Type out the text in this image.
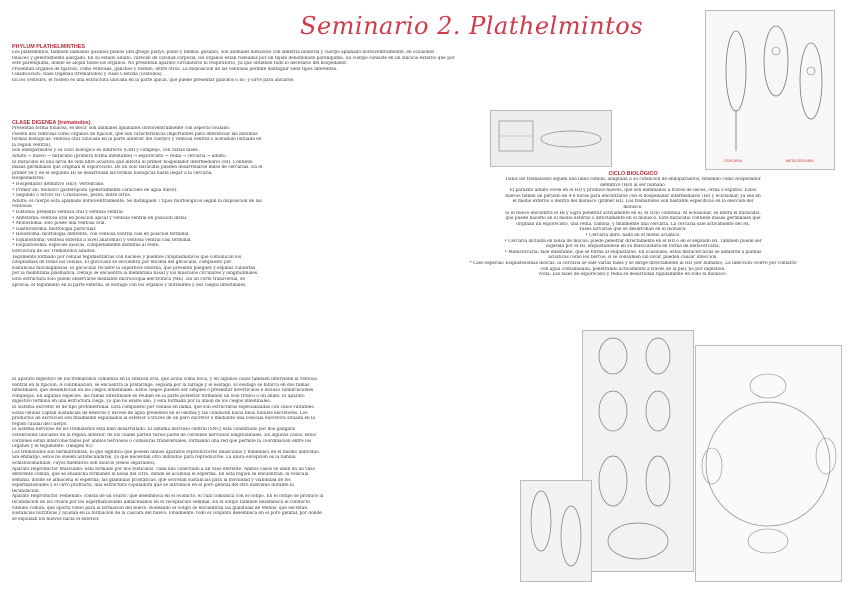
Seminario 2. Plathelmintos
PHYLUM PLATHELMINTHES
Los platelmintos, también llamados gusanos planos (del griego platys: plano y helmis: gusano), son animales metazoos con simetría bilateral y cuerpo aplanado dorsoventralmente, en ocasiones
foliáceo y generalmente alargado. En su estado adulto, carecen de cavidad corporal; los órganos están rodeados por un tejido denominado parénquima. Su cuerpo consiste en un sincicio externo que por
este parénquima, donde se alojan todos los órganos. No presentan aparato circulatorio ni respiratorio, ya que obtienen todo lo necesario del hospedador.
Presentan órganos de fijación, como ventosas, ganchos y rostelo, entre otros. La disposición de las ventosas permite distinguir siete tipos diferentes.
Clasificación: clase Digenea (trematodos) y clase Cestoda (cestodos).
En los cestodos, el rostelo es una estructura ubicada en la parte apical, que puede presentar ganchos o no, y sirve para anclarse.
CLASE DIGENEA (trematodos)
Presentan forma foliácea, es decir, son animales aplanados dorsoventralmente con aspecto ovalado.
Poseen dos ventosas como órganos de fijación, que son características importantes para diferenciar las distintas
formas biológicas: ventosa oral (ubicada en la parte anterior del cuerpo) y ventosa ventral o acetábulo (situada en
la región ventral).
Son endoparásitos y su ciclo biológico es indirecto (CBI) y complejo, con varias fases:
Adulto → huevo → miracidio (primera forma infestante) → esporocisto → redia → cercaria → adulto.
El miracidio es una larva de vida libre acuática que infecta al primer hospedador intermediario (HI). Contiene
masas germinales que originan el esporocisto. De un solo miracidio pueden desarrollarse miles de cercarias. En el
primer HI y en el segundo HI se desarrollan las formas biológicas hasta llegar a la cercaria.
Hospedadores:
• Hospedador definitivo (HD): Vertebrado.
• Primer HI: Molusco gasterópodo (generalmente caracoles de agua dulce).
• Segundo o tercer HI: Crustáceos, peces, entre otros.
Adulto: el cuerpo está aplanado dorsoventralmente. Se distinguen 7 tipos morfológicos según la disposición de las
ventosas:
• Distoma: presenta ventosa oral y ventosa ventral.
• Anfistoma: ventosa oral en posición apical y ventosa ventral en posición distal.
• Monostoma: solo posee una ventosa oral.
• Gasterostoma: morfología particular.
• Holostoma: morfología diferente, con ventosa ventral casi en posición terminal.
• Equinostoma: ventosa externa a nivel anatómico y ventosa ventral casi terminal.
• Esquistosoma: especies dioicas, completamente distintas al resto.
Estructura de los Trematodos adultos:
Tegumento formado por células tegumentarias con núcleos y puentes citoplasmáticos que comunican los
citoplasmas de todas las células. El glicocáliz se encuentra por encima del glicocáliz, compuesto por
sustancias mucilaginosas. El glicocáliz recubre la superficie externa, que presenta pliegues y espinas cubiertas
por la membrana plasmática. Debajo se encuentra la membrana basal y los músculos circulares y longitudinales.
Esta estructura solo puede observarse mediante microscopía electrónica (ME). En un corte transversal, se
aprecia: el tegumento en la parte externa, el esófago con los órganos y nutrientes y dos ciegos intestinales.
CICLO BIOLÓGICO
Todos los trematodos siguen una línea común, adaptada a su condición de endoparásitos, teniendo como hospedador
definitivo (HD) al ser humano.
El parásito adulto viven en el HD y produce huevos, que son eliminados a través de heces, orina o esputos. Estos
huevos tienen un periodo de 4-8 horas para encontrarse con el hospedador intermediario (HI) y eclosionar, ya sea en
el medio externo o dentro del molusco (primer HI). Los trematodos son bastante específicos en la elección del
molusco.
Si el huevo encuentra el HI y logra penetrar activamente en él, el ciclo continúa. Al eclosionar, se libera el miracidio,
que puede hacerlo en el medio externo o directamente en el molusco. Este miracidio contiene masas germinales que
originan un esporocisto, una redia, cambia, y finalmente una cercaria. La cercaria sale activamente del HI.
Fases larvarias que se desarrollan en el molusco:
• Cercaria libre: nada en el medio acuático.
• Cercaria incluida en bolsa de mucus: puede penetrar directamente en el HD o en el segundo HI. También puede ser
ingerida por el HI, enquistándose en su musculatura en forma de metacercaria.
• Metacercaria: fase infestante, que se forma al enquistarse. En ocasiones, estas metacercarias se adhieren a plantas
acuáticas como los berros; si se consumen sin lavar, pueden causar infección.
* Caso especial: Esquistosomas dioicas, la cercaria se sale varias fases y se dirige directamente al HD (ser humano). La infección ocurre por contacto
con agua contaminada, penetrando activamente a través de la piel, no por ingestión.
Nota: Las fases de esporocisto y redia se desarrollan rápidamente en todo el molusco.
El aparato digestivo de los trematodos comienza en la ventosa oral, que actúa como boca, y en algunos casos también interviene la ventosa
ventral en la fijación. A continuación, se encuentra la prefaringe, seguida por la faringe y el esófago. El esófago se bifurca en dos ramas
intestinales, que desembocan en los ciegos intestinales. Estos ciegos pueden ser simples o presentar divertículos e incluso ramificaciones
complejas. En algunas especies, las ramas intestinales se reúnen en la parte posterior formando un solo tronco o un anillo. El aparato
digestivo termina en una estructura ciega, ya que no existe ano, y está formada por la unión de los ciegos intestinales.
El sistema excretor es de tipo protonefridial. Está compuesto por células en llama, que son estructuras especializadas con cilios vibrátiles.
Estas células captan sustancias de desecho y exceso de agua presentes en el celoma y las conducen hacia finos túbulos excretores. Los
productos de excreción son finalmente expulsados al exterior a través de un poro excretor o mediante una vesícula excretora situada en la
región caudal del cuerpo.
El sistema nervioso de los trematodos está bien desarrollado. El sistema nervioso central (SNC) está constituido por dos ganglios
cerebroides ubicados en la región anterior, de los cuales parten varios pares de cordones nerviosos longitudinales. En algunos casos, estos
cordones están interconectados por anillos nerviosos o comisuras transversales, formando una red que permite la coordinación entre los
órganos y el tegumento. (Imagen 85)
Los trematodos son hermafroditas, lo que significa que poseen ambos aparatos reproductores (masculino y femenino) en el mismo individuo.
Sin embargo, estos no suelen autofecundarse, ya que necesitan otro individuo para reproducirse. La única excepción es la familia
Schistosomatidae, cuyos miembros son dioicos (sexos separados).
Aparato Reproductor Masculino: está formado por dos testículos, cada uno conectado a un vaso eferente. Ambos vasos se unen en un vaso
deferente común, que se ensancha formando la bolsa del cirro, donde se acumula el esperma. En esta región se encuentran: la vesícula
seminal, donde se almacena el esperma; las glándulas prostáticas, que secretan sustancias para la movilidad y viabilidad de los
espermatozoides y el cirro protráctil, una estructura copuladora que se introduce en el poro genital del otro individuo durante la
fecundación.
Aparato Reproductor Femenino: consta de un ovario, que desemboca en el oviducto, el cual comunica con el ootipo. En el ootipo se produce la
fecundación de los óvulos por los espermatozoides almacenados en el receptáculo seminal. En el ootipo también desemboca el conducto
vitelino común, que aporta vitelo para la formación del huevo. Rodeando el ootipo se encuentran las glándulas de Mehlis, que secretan
sustancias nutritivas y ayudan en la formación de la cáscara del huevo. Finalmente, todo el conjunto desemboca en el poro genital, por donde
se expulsan los huevos hacia el exterior.
CERCARIA	METACERCARIA
